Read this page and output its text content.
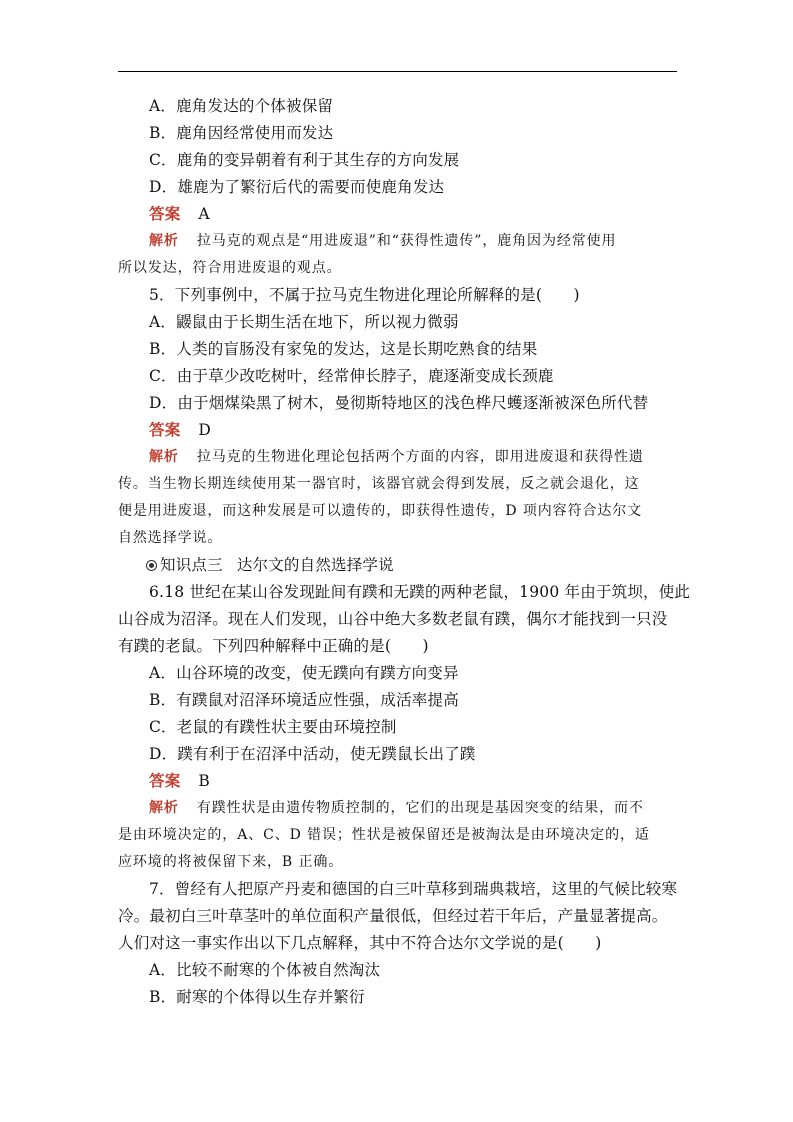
A．鹿角发达的个体被保留
B．鹿角因经常使用而发达
C．鹿角的变异朝着有利于其生存的方向发展
D．雄鹿为了繁衍后代的需要而使鹿角发达
答案 A
解析 拉马克的观点是“用进废退”和“获得性遗传”，鹿角因为经常使用
所以发达，符合用进废退的观点。
5．下列事例中，不属于拉马克生物进化理论所解释的是(　　)
A．鼹鼠由于长期生活在地下，所以视力微弱
B．人类的盲肠没有家兔的发达，这是长期吃熟食的结果
C．由于草少改吃树叶，经常伸长脖子，鹿逐渐变成长颈鹿
D．由于烟煤染黑了树木，曼彻斯特地区的浅色桦尺蠖逐渐被深色所代替
答案 D
解析 拉马克的生物进化理论包括两个方面的内容，即用进废退和获得性遗
传。当生物长期连续使用某一器官时，该器官就会得到发展，反之就会退化，这
便是用进废退，而这种发展是可以遗传的，即获得性遗传，D 项内容符合达尔文
自然选择学说。
知识点三 达尔文的自然选择学说
6.18 世纪在某山谷发现趾间有蹼和无蹼的两种老鼠，1900 年由于筑坝，使此
山谷成为沼泽。现在人们发现，山谷中绝大多数老鼠有蹼，偶尔才能找到一只没
有蹼的老鼠。下列四种解释中正确的是(　　)
A．山谷环境的改变，使无蹼向有蹼方向变异
B．有蹼鼠对沼泽环境适应性强，成活率提高
C．老鼠的有蹼性状主要由环境控制
D．蹼有利于在沼泽中活动，使无蹼鼠长出了蹼
答案 B
解析 有蹼性状是由遗传物质控制的，它们的出现是基因突变的结果，而不
是由环境决定的，A、C、D 错误；性状是被保留还是被淘汰是由环境决定的，适
应环境的将被保留下来，B 正确。
7．曾经有人把原产丹麦和德国的白三叶草移到瑞典栽培，这里的气候比较寒
冷。最初白三叶草茎叶的单位面积产量很低，但经过若干年后，产量显著提高。
人们对这一事实作出以下几点解释，其中不符合达尔文学说的是(　　)
A．比较不耐寒的个体被自然淘汰
B．耐寒的个体得以生存并繁衍
